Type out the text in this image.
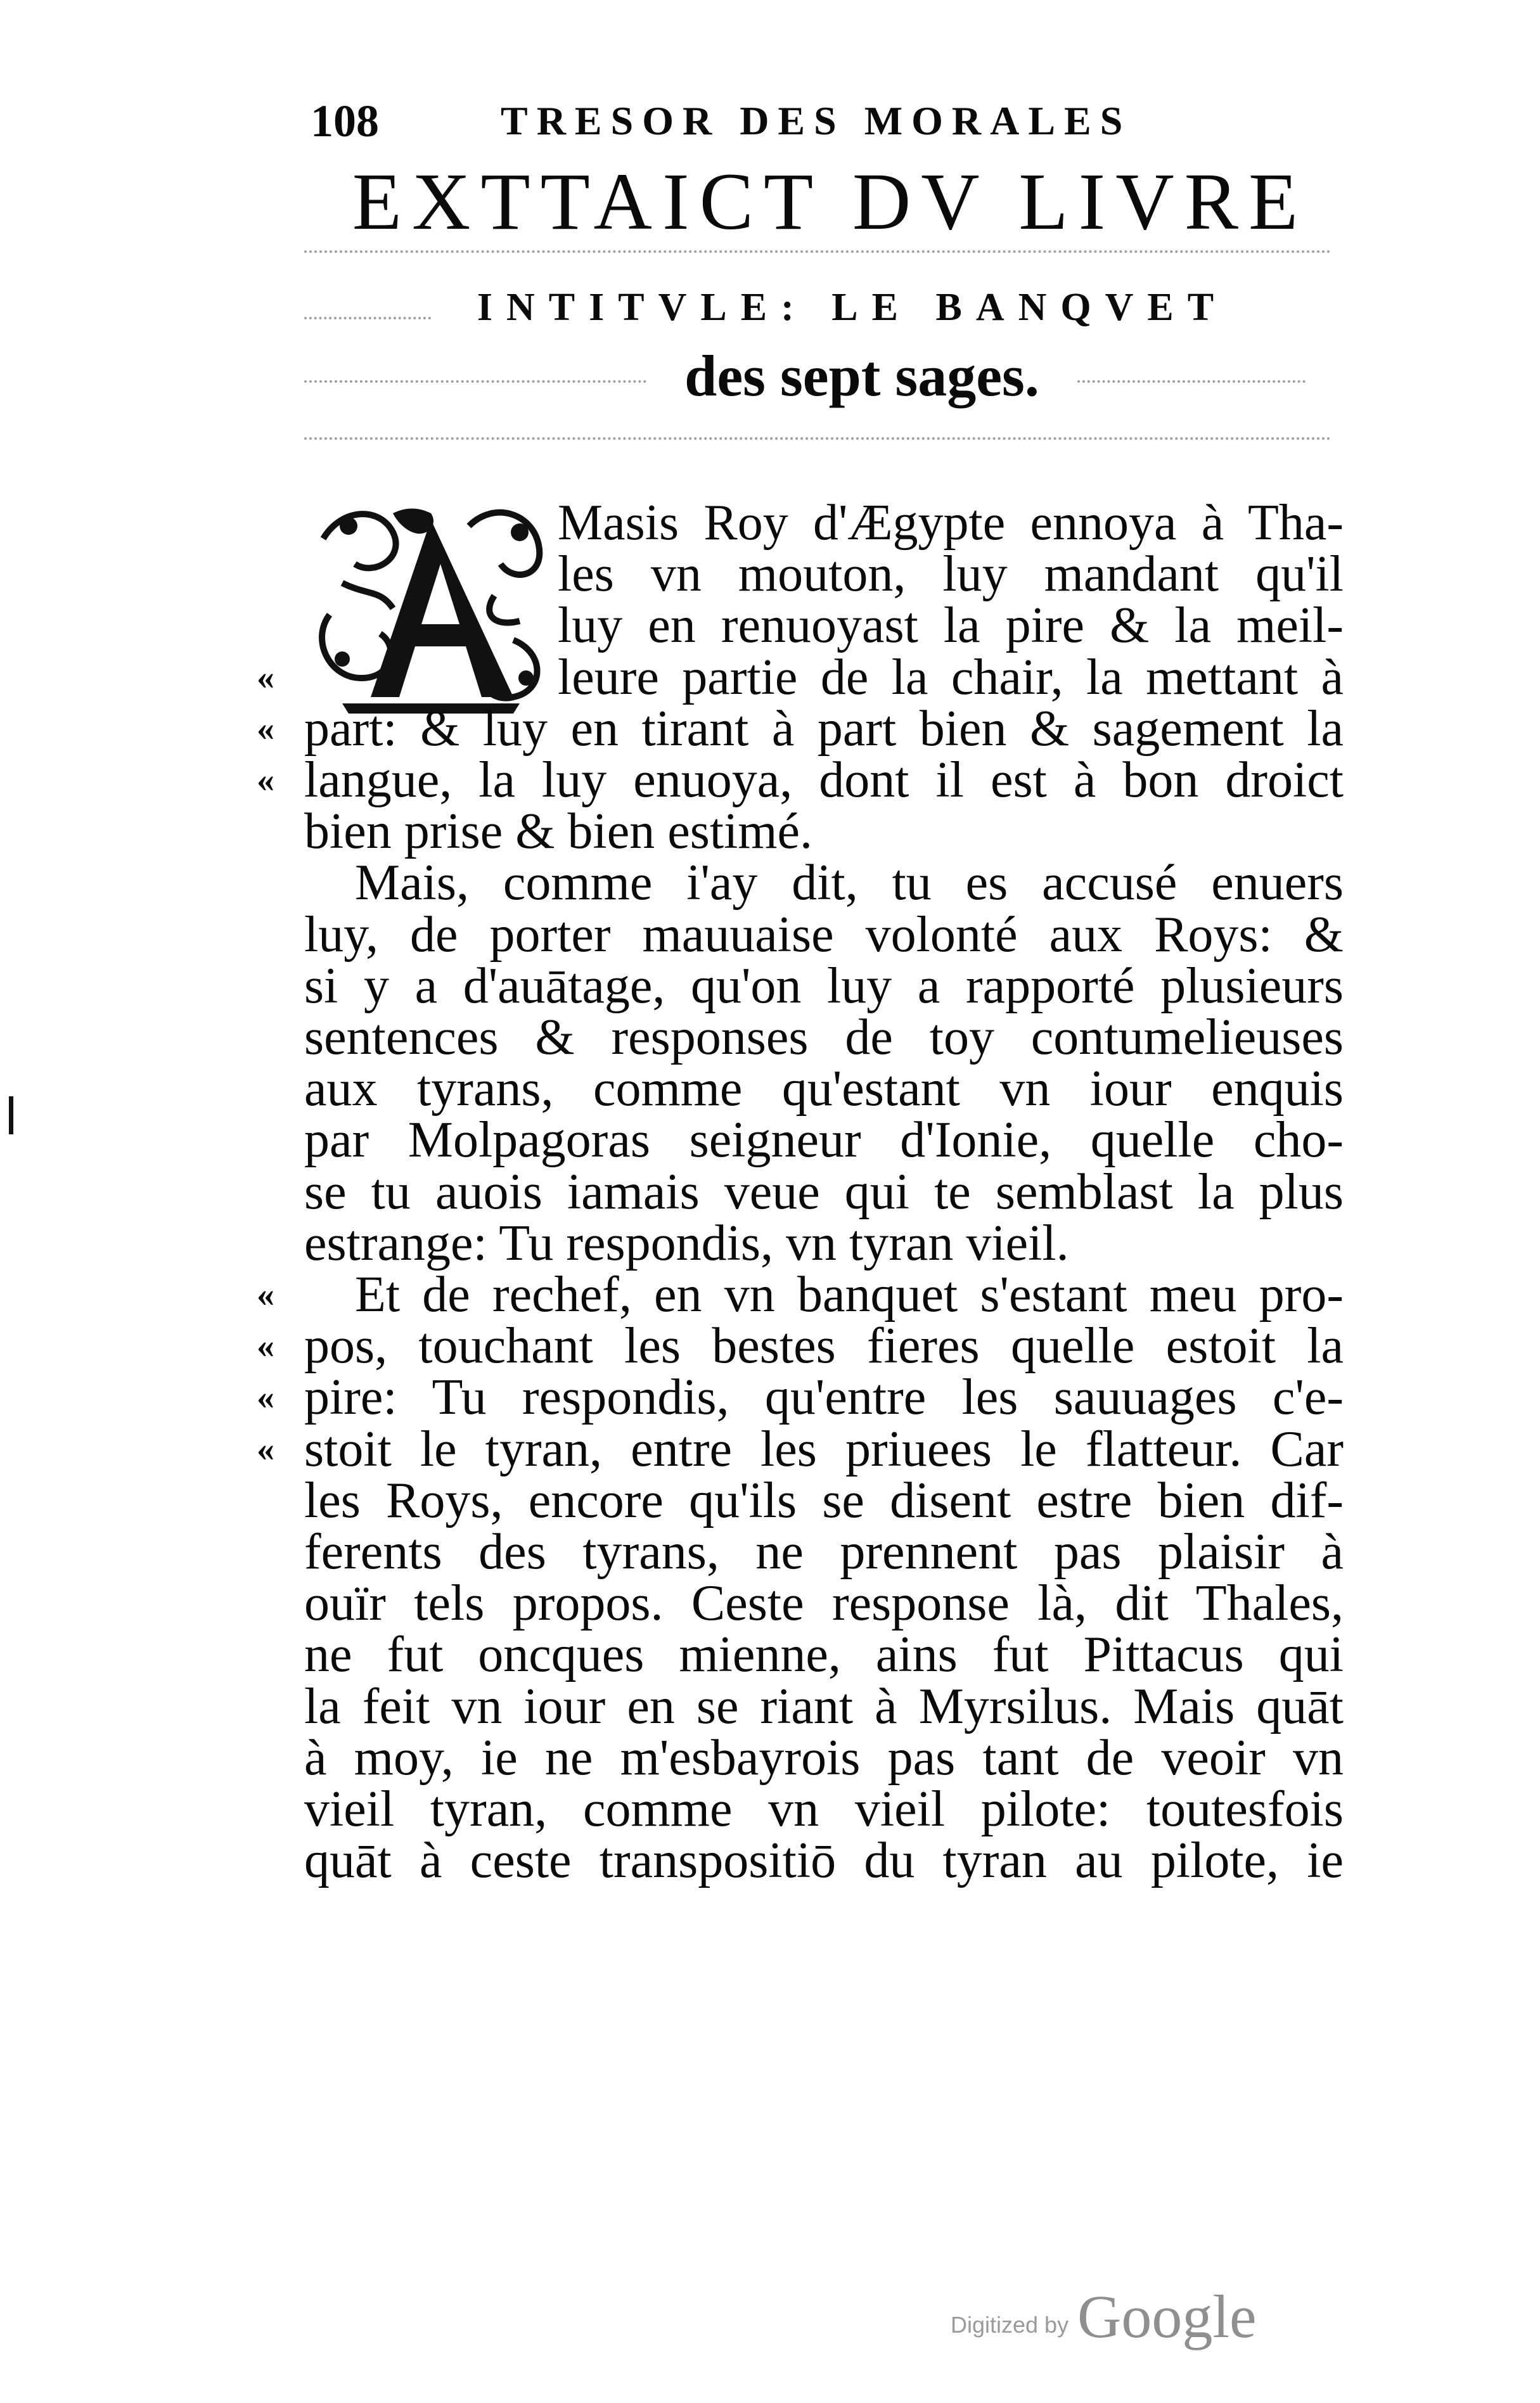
108	TRESOR DES MORALES
EXTTAICT DV LIVRE
INTITVLE: LE BANQVET
des sept sages.
Masis Roy d'Ægypte ennoya à Tha-
les vn mouton, luy mandant qu'il
luy en renuoyast la pire & la meil-
leure partie de la chair, la mettant à
part: & luy en tirant à part bien & sagement la
langue, la luy enuoya, dont il est à bon droict
bien prise & bien estimé.
Mais, comme i'ay dit, tu es accusé enuers
luy, de porter mauuaise volonté aux Roys: &
si y a d'auātage, qu'on luy a rapporté plusieurs
sentences & responses de toy contumelieuses
aux tyrans, comme qu'estant vn iour enquis
par Molpagoras seigneur d'Ionie, quelle cho-
se tu auois iamais veue qui te semblast la plus
estrange: Tu respondis, vn tyran vieil.
Et de rechef, en vn banquet s'estant meu pro-
pos, touchant les bestes fieres quelle estoit la
pire: Tu respondis, qu'entre les sauuages c'e-
stoit le tyran, entre les priuees le flatteur. Car
les Roys, encore qu'ils se disent estre bien dif-
ferents des tyrans, ne prennent pas plaisir à
ouïr tels propos. Ceste response là, dit Thales,
ne fut oncques mienne, ains fut Pittacus qui
la feit vn iour en se riant à Myrsilus. Mais quāt
à moy, ie ne m'esbayrois pas tant de veoir vn
vieil tyran, comme vn vieil pilote: toutesfois
quāt à ceste transpositiō du tyran au pilote, ie
«
«
«
«
«
«
«
Digitized by Google
